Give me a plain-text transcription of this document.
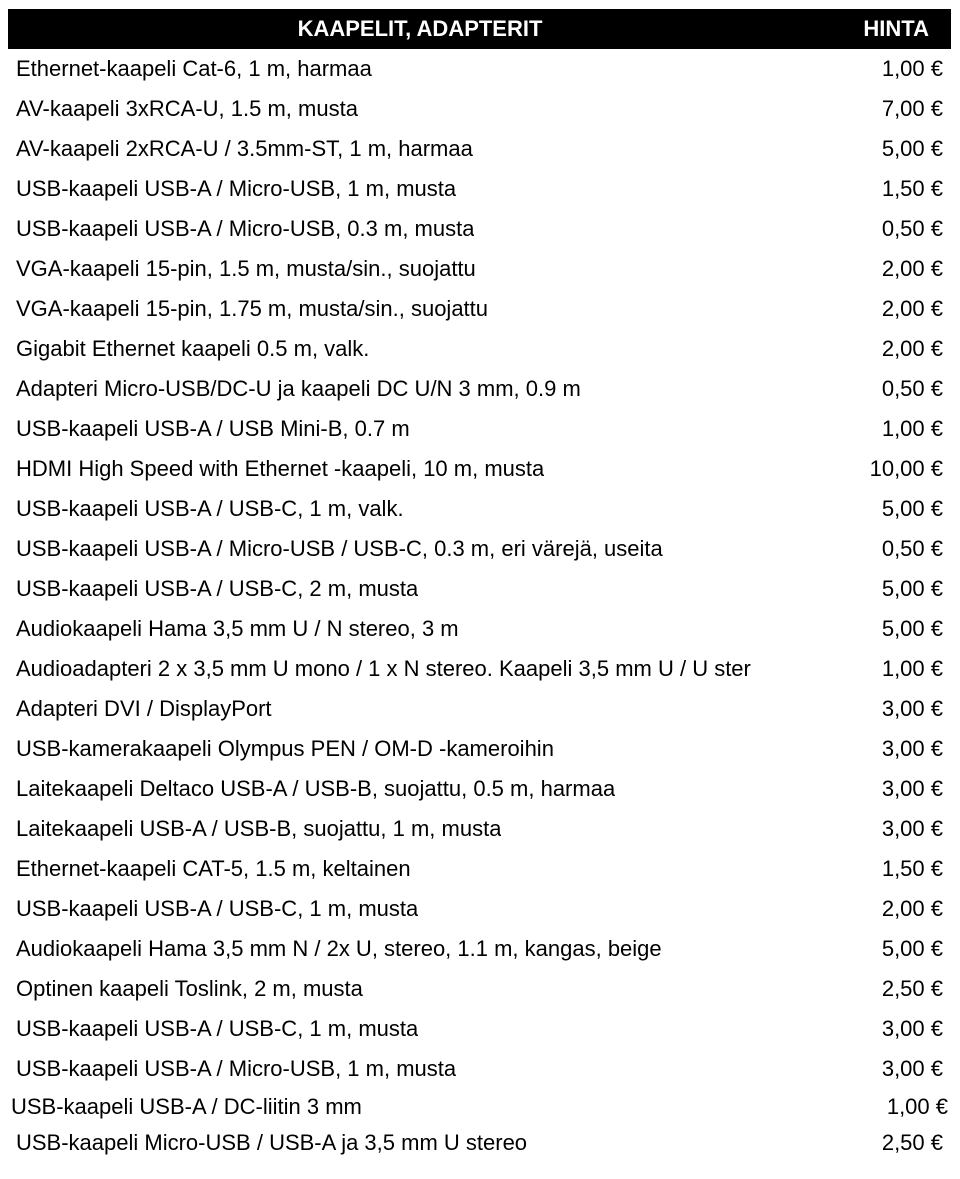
KAAPELIT, ADAPTERIT	HINTA
Ethernet-kaapeli Cat-6, 1 m, harmaa	1,00 €
AV-kaapeli 3xRCA-U, 1.5 m, musta	7,00 €
AV-kaapeli 2xRCA-U / 3.5mm-ST, 1 m, harmaa	5,00 €
USB-kaapeli USB-A / Micro-USB, 1 m, musta	1,50 €
USB-kaapeli USB-A / Micro-USB, 0.3 m, musta	0,50 €
VGA-kaapeli 15-pin, 1.5 m, musta/sin., suojattu	2,00 €
VGA-kaapeli 15-pin, 1.75 m, musta/sin., suojattu	2,00 €
Gigabit Ethernet kaapeli 0.5 m, valk.	2,00 €
Adapteri Micro-USB/DC-U ja kaapeli DC U/N 3 mm, 0.9 m	0,50 €
USB-kaapeli USB-A / USB Mini-B, 0.7 m	1,00 €
HDMI High Speed with Ethernet -kaapeli, 10 m, musta	10,00 €
USB-kaapeli USB-A / USB-C, 1 m, valk.	5,00 €
USB-kaapeli USB-A / Micro-USB / USB-C, 0.3 m, eri värejä, useita	0,50 €
USB-kaapeli USB-A / USB-C, 2 m, musta	5,00 €
Audiokaapeli Hama 3,5 mm U / N stereo, 3 m	5,00 €
Audioadapteri 2 x 3,5 mm U mono / 1 x N stereo. Kaapeli 3,5 mm U / U ster	1,00 €
Adapteri DVI / DisplayPort	3,00 €
USB-kamerakaapeli Olympus PEN / OM-D -kameroihin	3,00 €
Laitekaapeli Deltaco USB-A / USB-B, suojattu, 0.5 m, harmaa	3,00 €
Laitekaapeli USB-A / USB-B, suojattu, 1 m, musta	3,00 €
Ethernet-kaapeli CAT-5, 1.5 m, keltainen	1,50 €
USB-kaapeli USB-A / USB-C, 1 m, musta	2,00 €
Audiokaapeli Hama 3,5 mm N / 2x U, stereo, 1.1 m, kangas, beige	5,00 €
Optinen kaapeli Toslink, 2 m, musta	2,50 €
USB-kaapeli USB-A / USB-C, 1 m, musta	3,00 €
USB-kaapeli USB-A / Micro-USB, 1 m, musta	3,00 €
USB-kaapeli USB-A / DC-liitin 3 mm	1,00 €
USB-kaapeli Micro-USB / USB-A ja 3,5 mm U stereo	2,50 €
